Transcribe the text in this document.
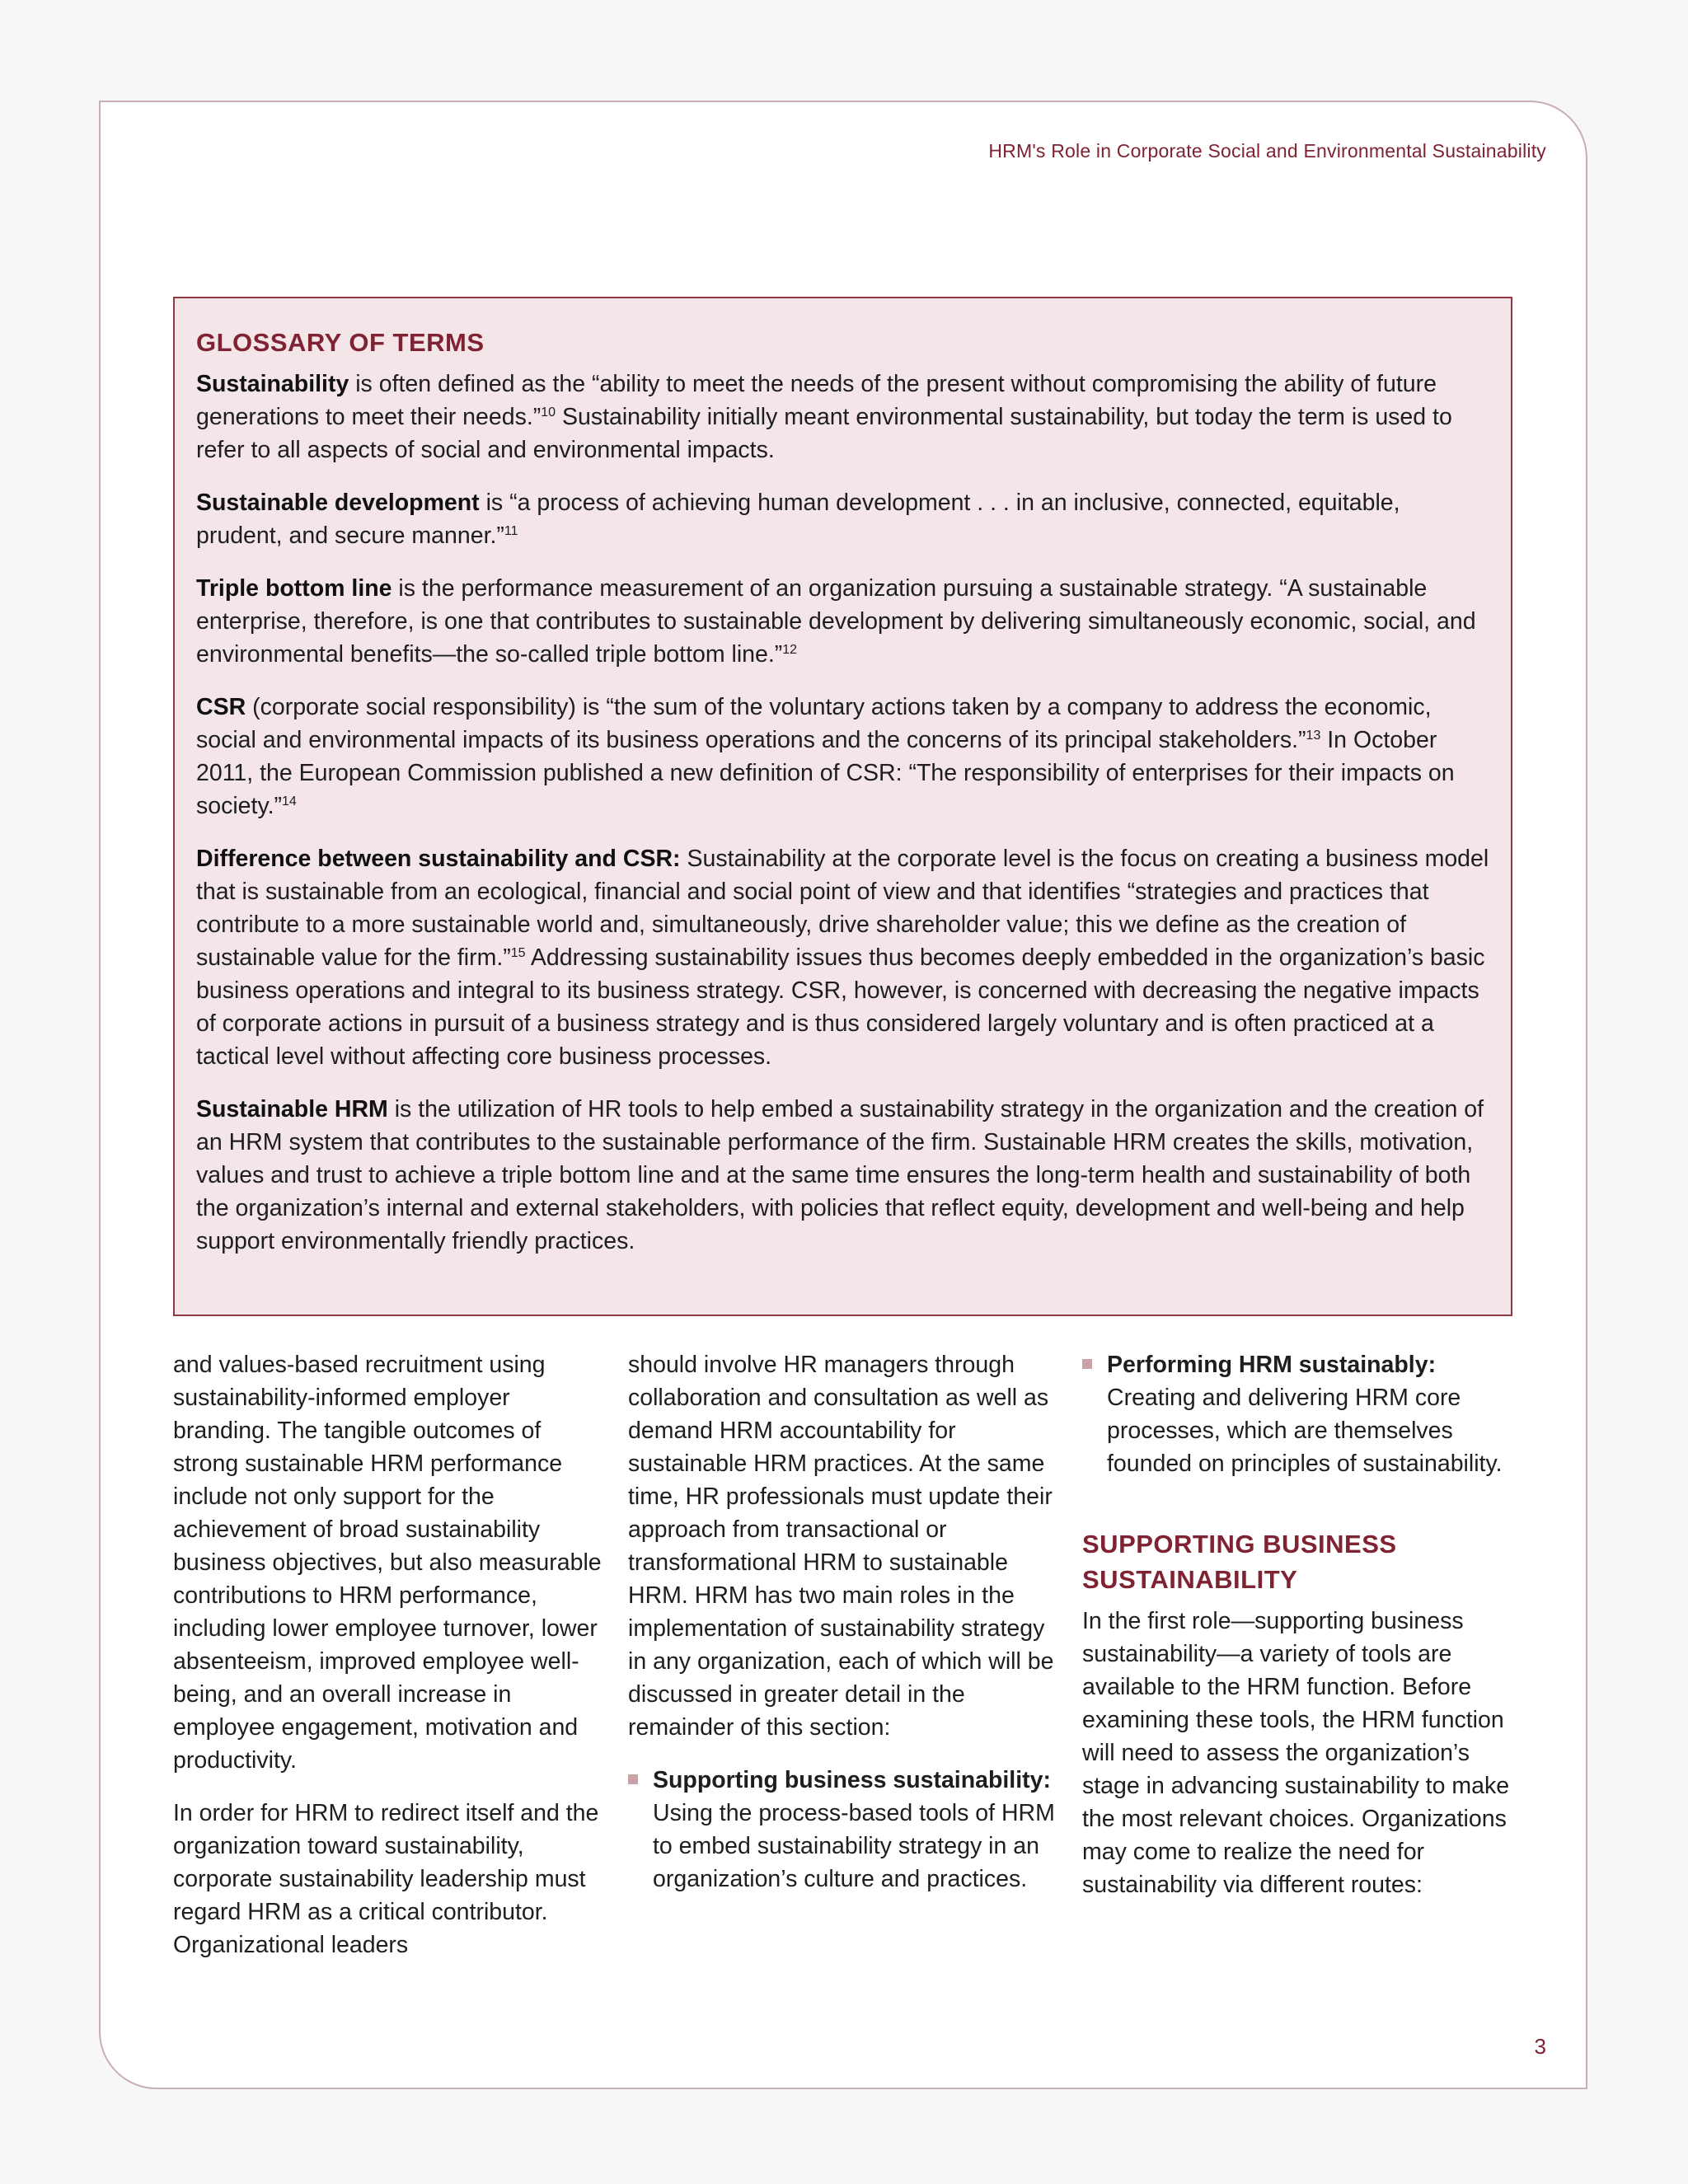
HRM's Role in Corporate Social and Environmental Sustainability
GLOSSARY OF TERMS

Sustainability is often defined as the “ability to meet the needs of the present without compromising the ability of future generations to meet their needs.”$^{10}$ Sustainability initially meant environmental sustainability, but today the term is used to refer to all aspects of social and environmental impacts.

Sustainable development is “a process of achieving human development . . . in an inclusive, connected, equitable, prudent, and secure manner.”$^{11}$

Triple bottom line is the performance measurement of an organization pursuing a sustainable strategy. “A sustainable enterprise, therefore, is one that contributes to sustainable development by delivering simultaneously economic, social, and environmental benefits—the so-called triple bottom line.”$^{12}$

CSR (corporate social responsibility) is “the sum of the voluntary actions taken by a company to address the economic, social and environmental impacts of its business operations and the concerns of its principal stakeholders.”$^{13}$ In October 2011, the European Commission published a new definition of CSR: “The responsibility of enterprises for their impacts on society.”$^{14}$

Difference between sustainability and CSR: Sustainability at the corporate level is the focus on creating a business model that is sustainable from an ecological, financial and social point of view and that identifies “strategies and practices that contribute to a more sustainable world and, simultaneously, drive shareholder value; this we define as the creation of sustainable value for the firm.”$^{15}$ Addressing sustainability issues thus becomes deeply embedded in the organization’s basic business operations and integral to its business strategy. CSR, however, is concerned with decreasing the negative impacts of corporate actions in pursuit of a business strategy and is thus considered largely voluntary and is often practiced at a tactical level without affecting core business processes.

Sustainable HRM is the utilization of HR tools to help embed a sustainability strategy in the organization and the creation of an HRM system that contributes to the sustainable performance of the firm. Sustainable HRM creates the skills, motivation, values and trust to achieve a triple bottom line and at the same time ensures the long-term health and sustainability of both the organization’s internal and external stakeholders, with policies that reflect equity, development and well-being and help support environmentally friendly practices.

and values-based recruitment using sustainability-informed employer branding. The tangible outcomes of strong sustainable HRM performance include not only support for the achievement of broad sustainability business objectives, but also measurable contributions to HRM performance, including lower employee turnover, lower absenteeism, improved employee well-being, and an overall increase in employee engagement, motivation and productivity.

In order for HRM to redirect itself and the organization toward sustainability, corporate sustainability leadership must regard HRM as a critical contributor. Organizational leaders

should involve HR managers through collaboration and consultation as well as demand HRM accountability for sustainable HRM practices. At the same time, HR professionals must update their approach from transactional or transformational HRM to sustainable HRM. HRM has two main roles in the implementation of sustainability strategy in any organization, each of which will be discussed in greater detail in the remainder of this section:

Supporting business sustainability: Using the process-based tools of HRM to embed sustainability strategy in an organization’s culture and practices.
Performing HRM sustainably: Creating and delivering HRM core processes, which are themselves founded on principles of sustainability.
SUPPORTING BUSINESS SUSTAINABILITY

In the first role—supporting business sustainability—a variety of tools are available to the HRM function. Before examining these tools, the HRM function will need to assess the organization’s stage in advancing sustainability to make the most relevant choices. Organizations may come to realize the need for sustainability via different routes:

3
